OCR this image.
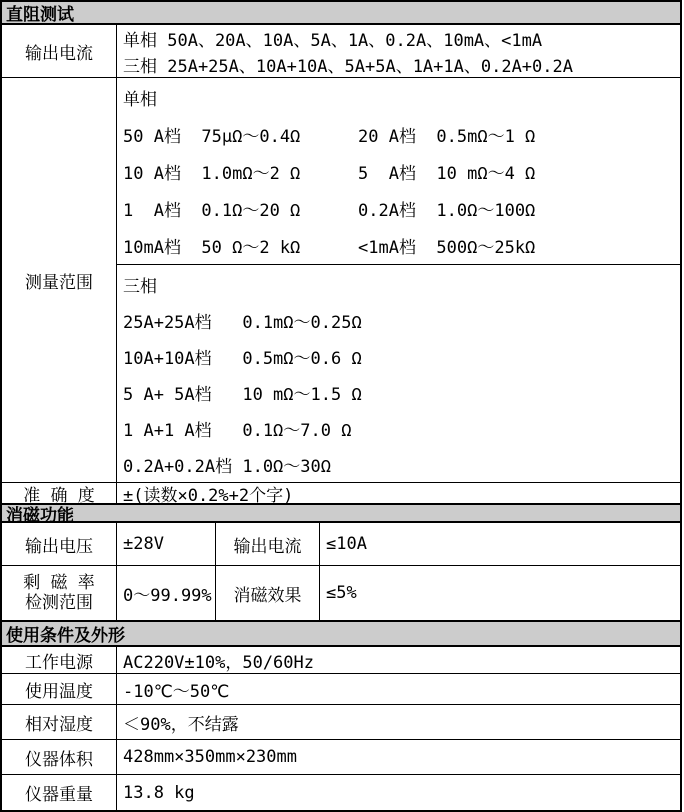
直阻测试
输出电流
单相 50A、20A、10A、5A、1A、0.2A、10mA、<1mA
三相 25A+25A、10A+10A、5A+5A、1A+1A、0.2A+0.2A
测量范围
单相
50 A档  75μΩ～0.4Ω	20 A档  0.5mΩ～1 Ω
10 A档  1.0mΩ～2 Ω	5  A档  10 mΩ～4 Ω
1  A档  0.1Ω～20 Ω	0.2A档  1.0Ω～100Ω
10mA档  50 Ω～2 kΩ	<1mA档  500Ω～25kΩ
三相
25A+25A档   0.1mΩ～0.25Ω
10A+10A档   0.5mΩ～0.6 Ω
5 A+ 5A档   10 mΩ～1.5 Ω
1 A+1 A档   0.1Ω～7.0 Ω
0.2A+0.2A档 1.0Ω～30Ω
准 确 度	±(读数×0.2%+2个字)
消磁功能
输出电压	±28V	输出电流	≤10A
剩 磁 率
检测范围	0～99.99%	消磁效果	≤5%
使用条件及外形
工作电源	AC220V±10%，50/60Hz
使用温度	-10℃～50℃
相对湿度	＜90%，不结露
仪器体积	428mm×350mm×230mm
仪器重量	13.8 kg
